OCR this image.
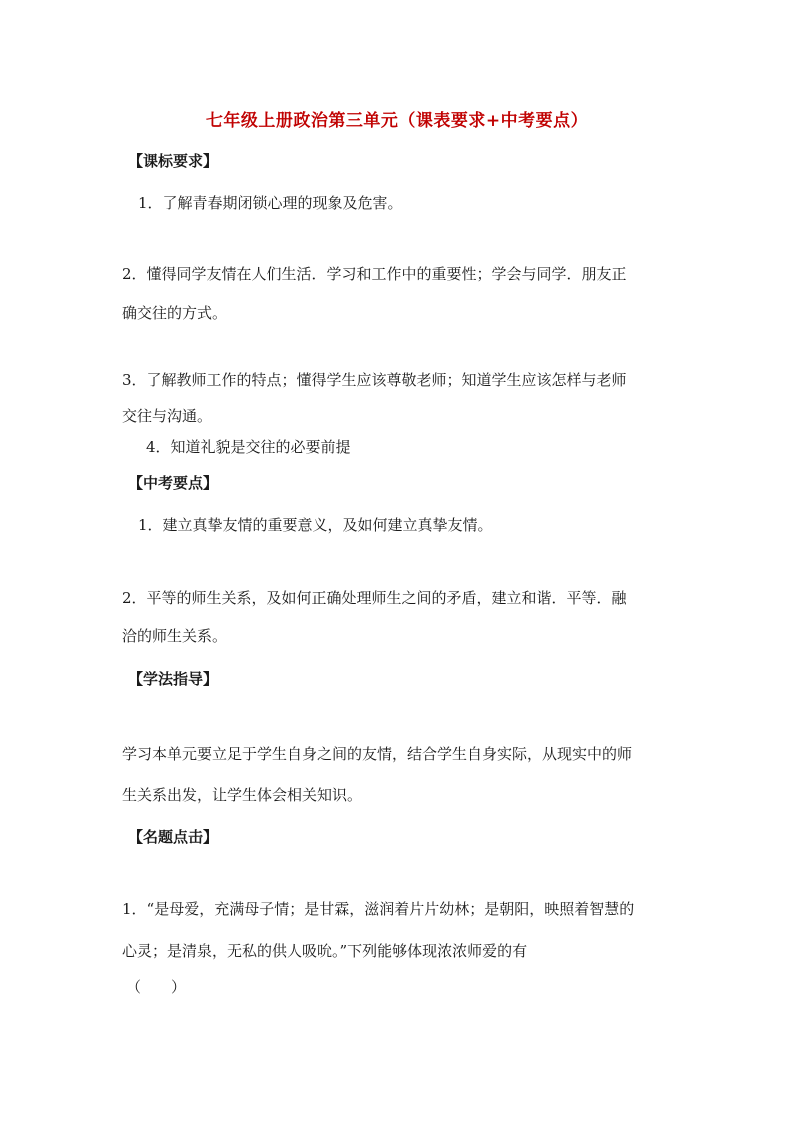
七年级上册政治第三单元（课表要求+中考要点）
【课标要求】
1．了解青春期闭锁心理的现象及危害。
2．懂得同学友情在人们生活．学习和工作中的重要性；学会与同学．朋友正
确交往的方式。
3．了解教师工作的特点；懂得学生应该尊敬老师；知道学生应该怎样与老师
交往与沟通。
4．知道礼貌是交往的必要前提
【中考要点】
1．建立真挚友情的重要意义，及如何建立真挚友情。
2．平等的师生关系，及如何正确处理师生之间的矛盾，建立和谐．平等．融
洽的师生关系。
【学法指导】
学习本单元要立足于学生自身之间的友情，结合学生自身实际，从现实中的师
生关系出发，让学生体会相关知识。
【名题点击】
1．“是母爱，充满母子情；是甘霖，滋润着片片幼林；是朝阳，映照着智慧的
心灵；是清泉，无私的供人吸吮。”下列能够体现浓浓师爱的有
（　　）
